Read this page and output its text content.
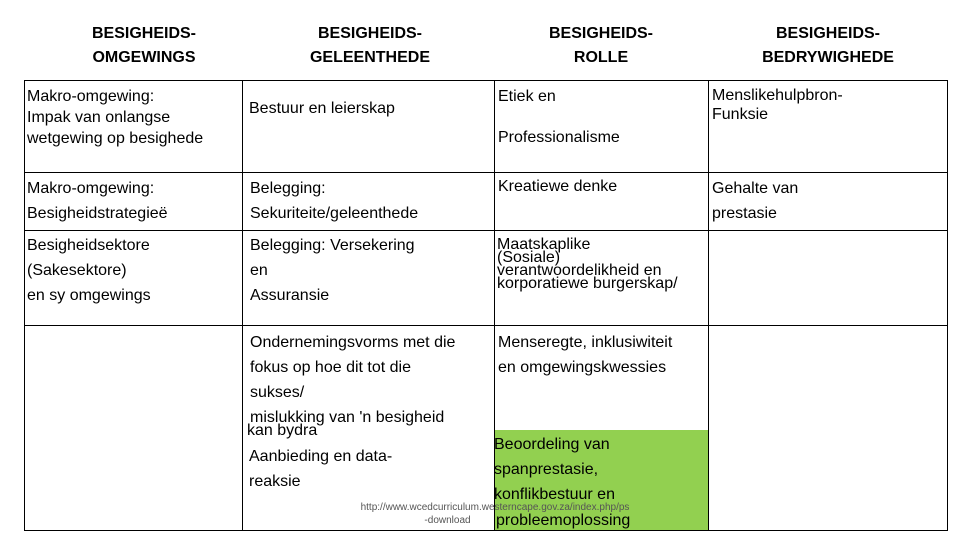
BESIGHEIDS-
OMGEWINGS
BESIGHEIDS-
GELEENTHEDE
BESIGHEIDS-
ROLLE
BESIGHEIDS-
BEDRYWIGHEDE
Makro-omgewing:
Impak van onlangse
wetgewing op besighede
Bestuur en leierskap
Etiek en
Professionalisme
Menslikehulpbron-
Funksie
Makro-omgewing:
Besigheidstrategieë
Belegging:
Sekuriteite/geleenthede
Kreatiewe denke	Gehalte van
prestasie
Besigheidsektore
(Sakesektore)
en sy omgewings
Belegging: Versekering
en
Assuransie
Maatskaplike
(Sosiale)
verantwoordelikheid en
korporatiewe burgerskap/
Ondernemingsvorms met die
fokus op hoe dit tot die
sukses/
mislukking van 'n besigheid
kan bydra
Aanbieding en data-
reaksie
Menseregte, inklusiwiteit
en omgewingskwessies
Beoordeling van
spanprestasie,
konflikbestuur en
http://www.wcedcurriculum.westerncape.gov.za/index.php/ps
-download	probleemoplossing
